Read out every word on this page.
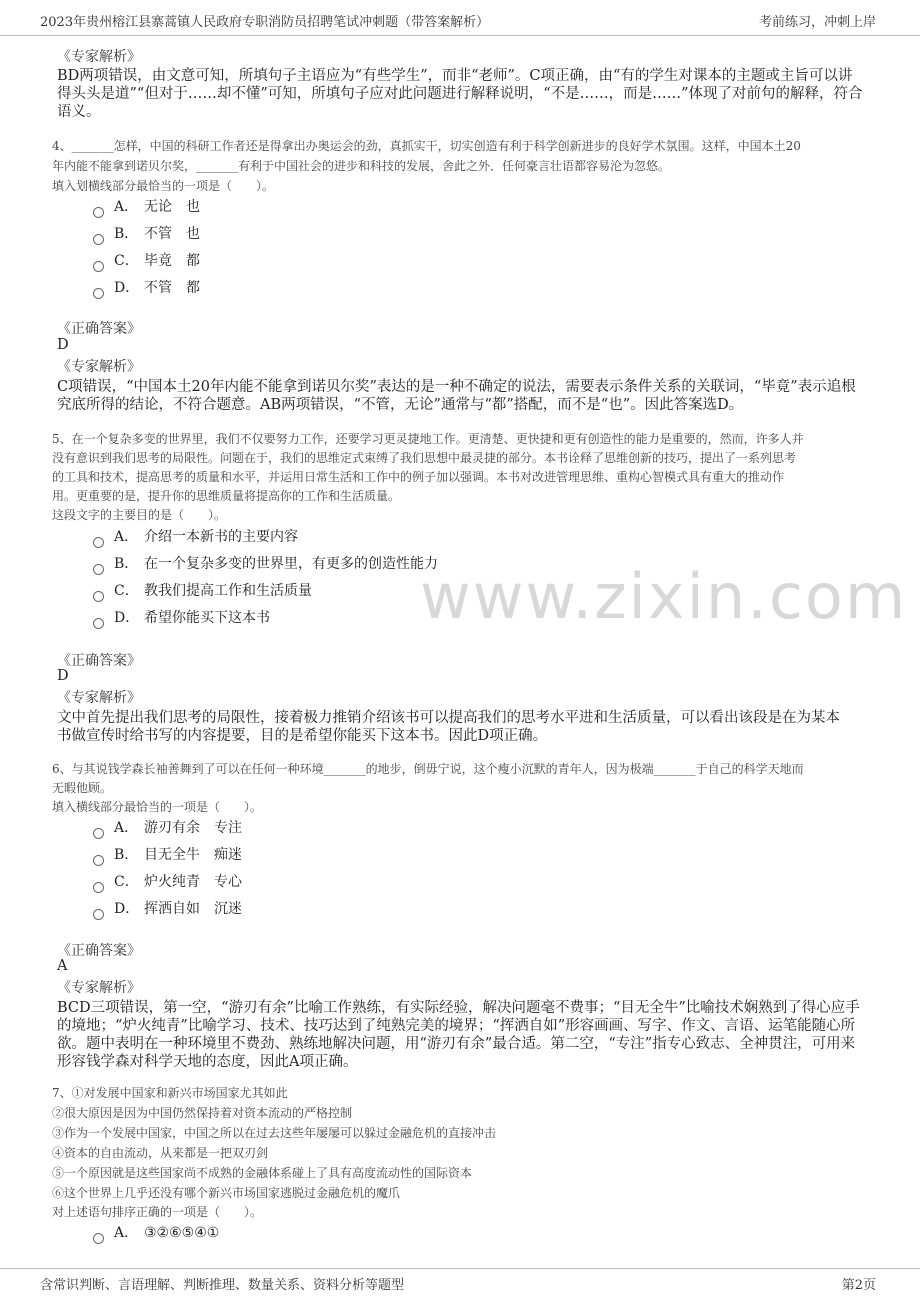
2023年贵州榕江县寨蒿镇人民政府专职消防员招聘笔试冲刺题（带答案解析）	考前练习，冲刺上岸
www.zixin.com
《专家解析》
BD两项错误，由文意可知，所填句子主语应为“有些学生”，而非“老师”。C项正确，由“有的学生对课本的主题或主旨可以讲
得头头是道”“但对于……却不懂”可知，所填句子应对此问题进行解释说明，“不是……，而是……”体现了对前句的解释，符合
语义。
4、_______怎样，中国的科研工作者还是得拿出办奥运会的劲，真抓实干，切实创造有利于科学创新进步的良好学术氛围。这样，中国本土20
年内能不能拿到诺贝尔奖，_______有利于中国社会的进步和科技的发展，舍此之外．任何豪言壮语都容易沦为忽悠。
填入划横线部分最恰当的一项是（　　）。
A． 无论　也
B． 不管　也
C． 毕竟　都
D． 不管　都
《正确答案》
D
《专家解析》
C项错误，“中国本土20年内能不能拿到诺贝尔奖”表达的是一种不确定的说法，需要表示条件关系的关联词，“毕竟”表示追根
究底所得的结论，不符合题意。AB两项错误，“不管，无论”通常与“都”搭配，而不是“也”。因此答案选D。
5、在一个复杂多变的世界里，我们不仅要努力工作，还要学习更灵捷地工作。更清楚、更快捷和更有创造性的能力是重要的，然而，许多人并
没有意识到我们思考的局限性。问题在于，我们的思维定式束缚了我们思想中最灵捷的部分。本书诠释了思维创新的技巧，提出了一系列思考
的工具和技术，提高思考的质量和水平，并运用日常生活和工作中的例子加以强调。本书对改进管理思维、重构心智模式具有重大的推动作
用。更重要的是，提升你的思维质量将提高你的工作和生活质量。
这段文字的主要目的是（　　）。
A． 介绍一本新书的主要内容
B． 在一个复杂多变的世界里，有更多的创造性能力
C． 教我们提高工作和生活质量
D． 希望你能买下这本书
《正确答案》
D
《专家解析》
文中首先提出我们思考的局限性，接着极力推销介绍该书可以提高我们的思考水平进和生活质量，可以看出该段是在为某本
书做宣传时给书写的内容提要，目的是希望你能买下这本书。因此D项正确。
6、与其说钱学森长袖善舞到了可以在任何一种环境_______的地步，倒毋宁说，这个瘦小沉默的青年人，因为极端_______于自己的科学天地而
无暇他顾。
填入横线部分最恰当的一项是（　　）。
A． 游刃有余　专注
B． 目无全牛　痴迷
C． 炉火纯青　专心
D． 挥洒自如　沉迷
《正确答案》
A
《专家解析》
BCD三项错误，第一空，“游刃有余”比喻工作熟练，有实际经验，解决问题毫不费事；“目无全牛”比喻技术娴熟到了得心应手
的境地；“炉火纯青”比喻学习、技术、技巧达到了纯熟完美的境界；“挥洒自如”形容画画、写字、作文、言语、运笔能随心所
欲。题中表明在一种环境里不费劲、熟练地解决问题，用“游刃有余”最合适。第二空，“专注”指专心致志、全神贯注，可用来
形容钱学森对科学天地的态度，因此A项正确。
7、①对发展中国家和新兴市场国家尤其如此
②很大原因是因为中国仍然保持着对资本流动的严格控制
③作为一个发展中国家，中国之所以在过去这些年屡屡可以躲过金融危机的直接冲击
④资本的自由流动，从来都是一把双刃剑
⑤一个原因就是这些国家尚不成熟的金融体系碰上了具有高度流动性的国际资本
⑥这个世界上几乎还没有哪个新兴市场国家逃脱过金融危机的魔爪
对上述语句排序正确的一项是（　　）。
A． ③②⑥⑤④①
含常识判断、言语理解、判断推理、数量关系、资料分析等题型	第2页
